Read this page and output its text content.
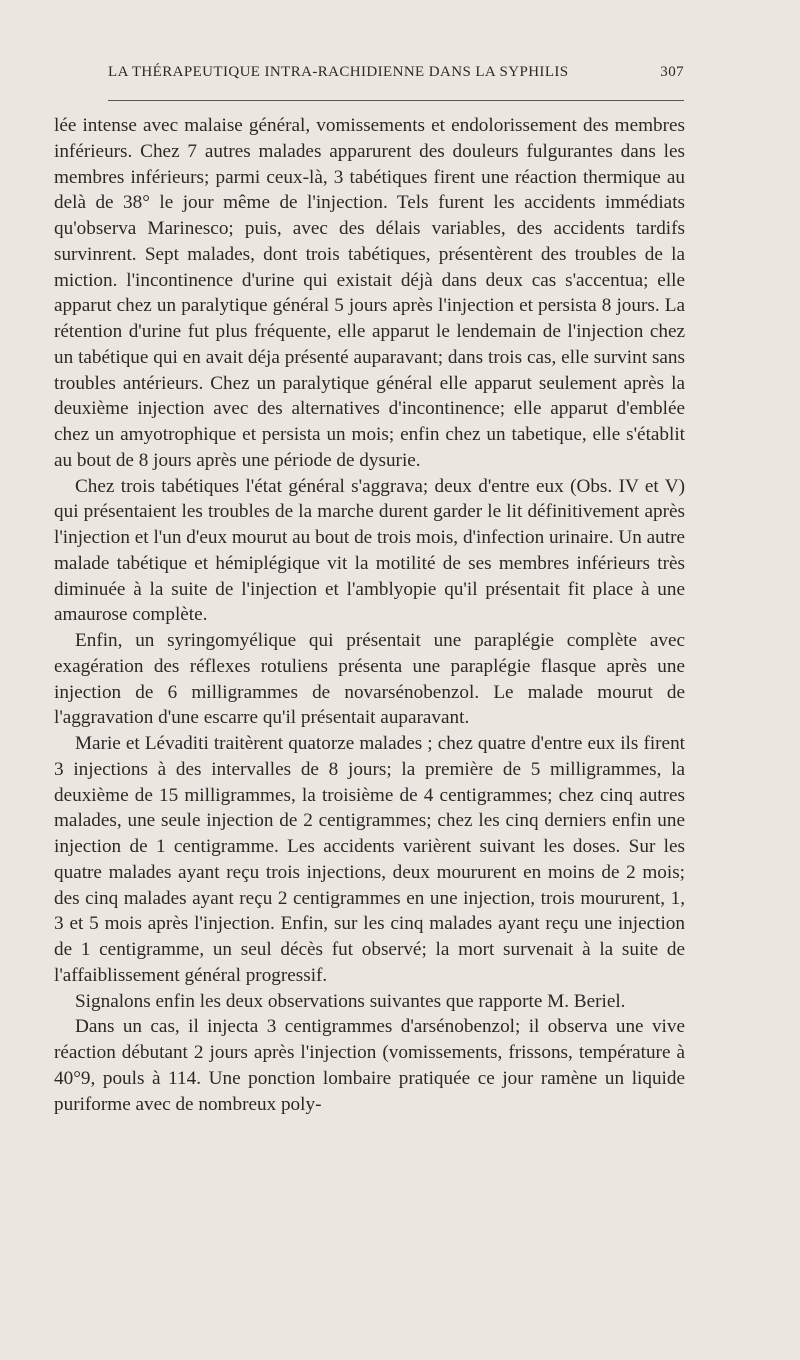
LA THÉRAPEUTIQUE INTRA-RACHIDIENNE DANS LA SYPHILIS	307

lée intense avec malaise général, vomissements et endolorissement des membres inférieurs. Chez 7 autres malades apparurent des douleurs fulgurantes dans les membres inférieurs; parmi ceux-là, 3 tabétiques firent une réaction thermique au delà de 38° le jour même de l'injection. Tels furent les accidents immédiats qu'observa Marinesco; puis, avec des délais variables, des accidents tardifs survinrent. Sept malades, dont trois tabétiques, présentèrent des troubles de la miction. l'incontinence d'urine qui existait déjà dans deux cas s'accentua; elle apparut chez un paralytique général 5 jours après l'injection et persista 8 jours. La rétention d'urine fut plus fréquente, elle apparut le lendemain de l'injection chez un tabétique qui en avait déja présenté auparavant; dans trois cas, elle survint sans troubles antérieurs. Chez un paralytique général elle apparut seulement après la deuxième injection avec des alternatives d'incontinence; elle apparut d'emblée chez un amyotrophique et persista un mois; enfin chez un tabetique, elle s'établit au bout de 8 jours après une période de dysurie.

Chez trois tabétiques l'état général s'aggrava; deux d'entre eux (Obs. IV et V) qui présentaient les troubles de la marche durent garder le lit définitivement après l'injection et l'un d'eux mourut au bout de trois mois, d'infection urinaire. Un autre malade tabétique et hémiplégique vit la motilité de ses membres inférieurs très diminuée à la suite de l'injection et l'amblyopie qu'il présentait fit place à une amaurose complète.

Enfin, un syringomyélique qui présentait une paraplégie complète avec exagération des réflexes rotuliens présenta une paraplégie flasque après une injection de 6 milligrammes de novarsénobenzol. Le malade mourut de l'aggravation d'une escarre qu'il présentait auparavant.

Marie et Lévaditi traitèrent quatorze malades ; chez quatre d'entre eux ils firent 3 injections à des intervalles de 8 jours; la première de 5 milligrammes, la deuxième de 15 milligrammes, la troisième de 4 centigrammes; chez cinq autres malades, une seule injection de 2 centigrammes; chez les cinq derniers enfin une injection de 1 centigramme. Les accidents varièrent suivant les doses. Sur les quatre malades ayant reçu trois injections, deux moururent en moins de 2 mois; des cinq malades ayant reçu 2 centigrammes en une injection, trois moururent, 1, 3 et 5 mois après l'injection. Enfin, sur les cinq malades ayant reçu une injection de 1 centigramme, un seul décès fut observé; la mort survenait à la suite de l'affaiblissement général progressif.

Signalons enfin les deux observations suivantes que rapporte M. Beriel.

Dans un cas, il injecta 3 centigrammes d'arsénobenzol; il observa une vive réaction débutant 2 jours après l'injection (vomissements, frissons, température à 40°9, pouls à 114. Une ponction lombaire pratiquée ce jour ramène un liquide puriforme avec de nombreux poly-
